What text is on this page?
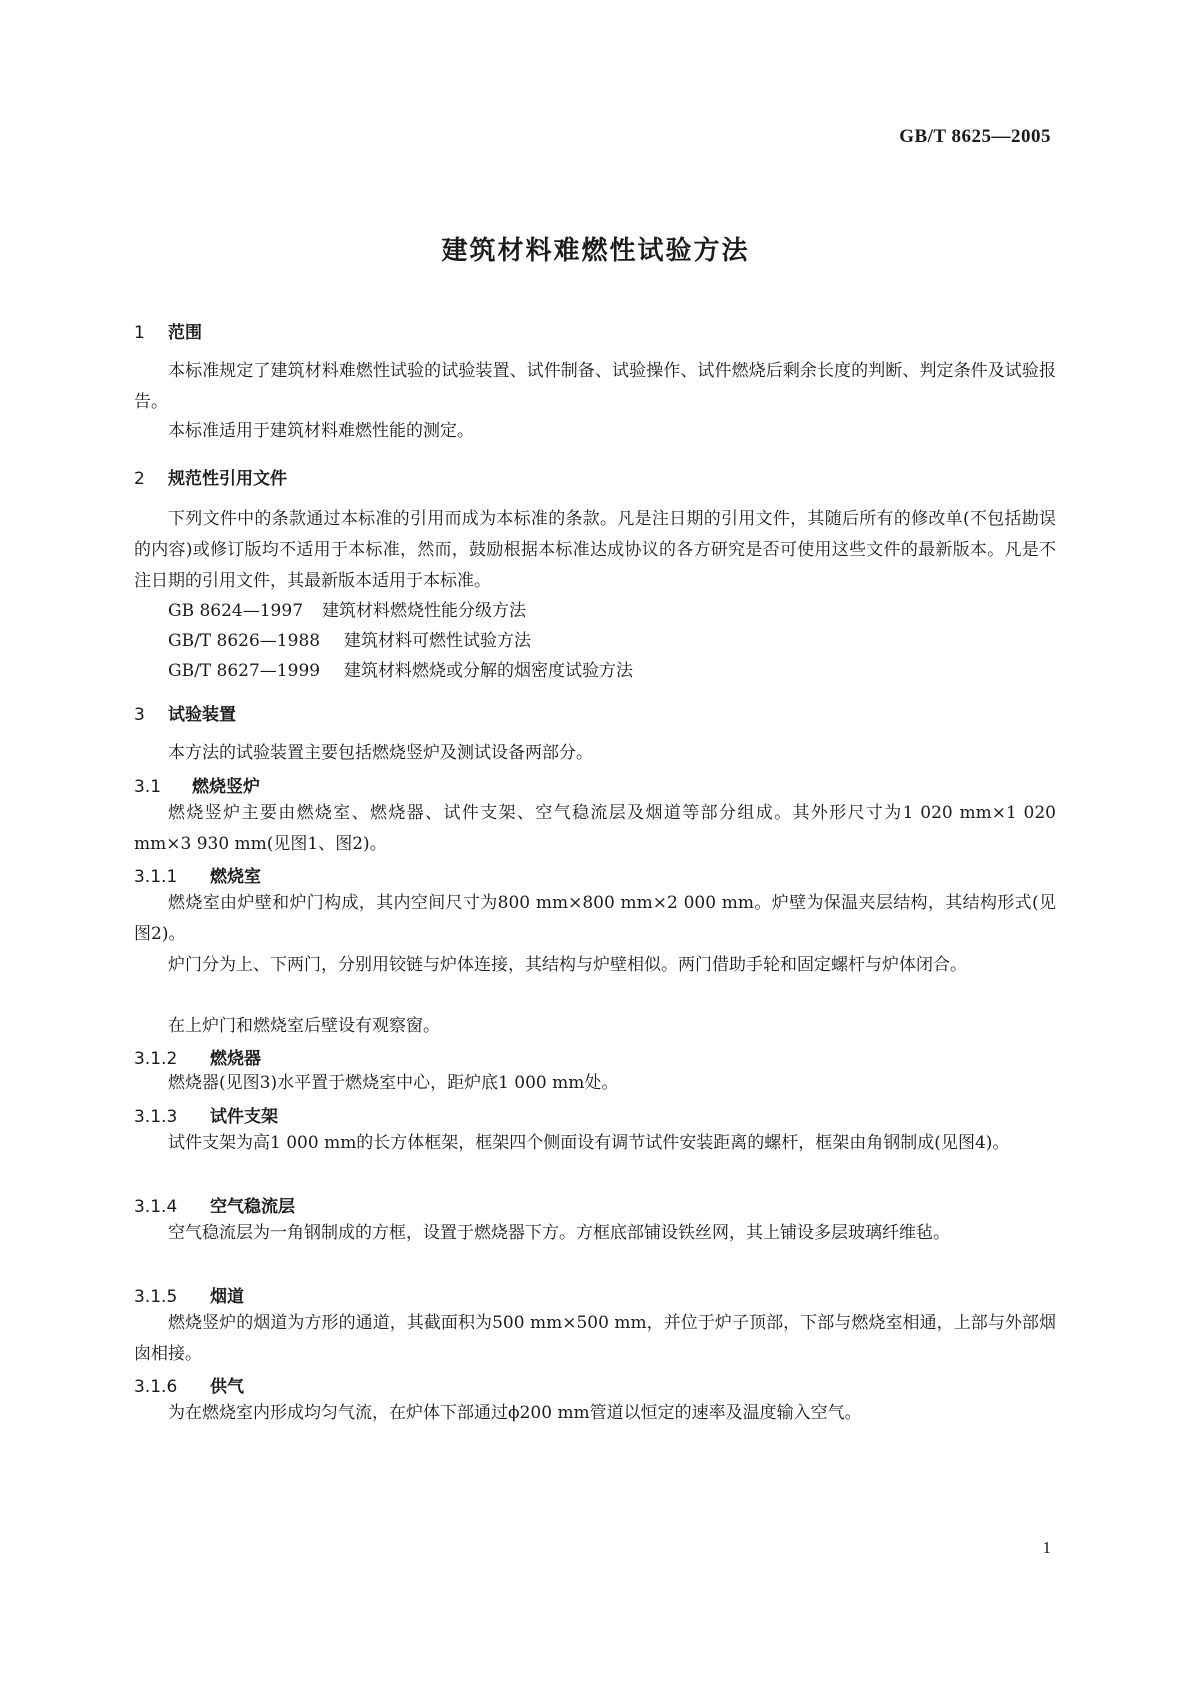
GB/T 8625—2005
建筑材料难燃性试验方法
1 范围

本标准规定了建筑材料难燃性试验的试验装置、试件制备、试验操作、试件燃烧后剩余长度的判断、判定条件及试验报告。

本标准适用于建筑材料难燃性能的测定。

2 规范性引用文件

下列文件中的条款通过本标准的引用而成为本标准的条款。凡是注日期的引用文件，其随后所有的修改单(不包括勘误的内容)或修订版均不适用于本标准，然而，鼓励根据本标准达成协议的各方研究是否可使用这些文件的最新版本。凡是不注日期的引用文件，其最新版本适用于本标准。

GB 8624—1997 建筑材料燃烧性能分级方法
GB/T 8626—1988 建筑材料可燃性试验方法
GB/T 8627—1999 建筑材料燃烧或分解的烟密度试验方法
3 试验装置

本方法的试验装置主要包括燃烧竖炉及测试设备两部分。

3.1 燃烧竖炉

燃烧竖炉主要由燃烧室、燃烧器、试件支架、空气稳流层及烟道等部分组成。其外形尺寸为1 020 mm×1 020 mm×3 930 mm(见图1、图2)。

3.1.1 燃烧室

燃烧室由炉壁和炉门构成，其内空间尺寸为800 mm×800 mm×2 000 mm。炉壁为保温夹层结构，其结构形式(见图2)。

炉门分为上、下两门，分别用铰链与炉体连接，其结构与炉壁相似。两门借助手轮和固定螺杆与炉体闭合。

在上炉门和燃烧室后壁设有观察窗。

3.1.2 燃烧器

燃烧器(见图3)水平置于燃烧室中心，距炉底1 000 mm处。

3.1.3 试件支架

试件支架为高1 000 mm的长方体框架，框架四个侧面设有调节试件安装距离的螺杆，框架由角钢制成(见图4)。

3.1.4 空气稳流层

空气稳流层为一角钢制成的方框，设置于燃烧器下方。方框底部铺设铁丝网，其上铺设多层玻璃纤维毡。

3.1.5 烟道

燃烧竖炉的烟道为方形的通道，其截面积为500 mm×500 mm，并位于炉子顶部，下部与燃烧室相通，上部与外部烟囱相接。

3.1.6 供气

为在燃烧室内形成均匀气流，在炉体下部通过ϕ200 mm管道以恒定的速率及温度输入空气。

1
